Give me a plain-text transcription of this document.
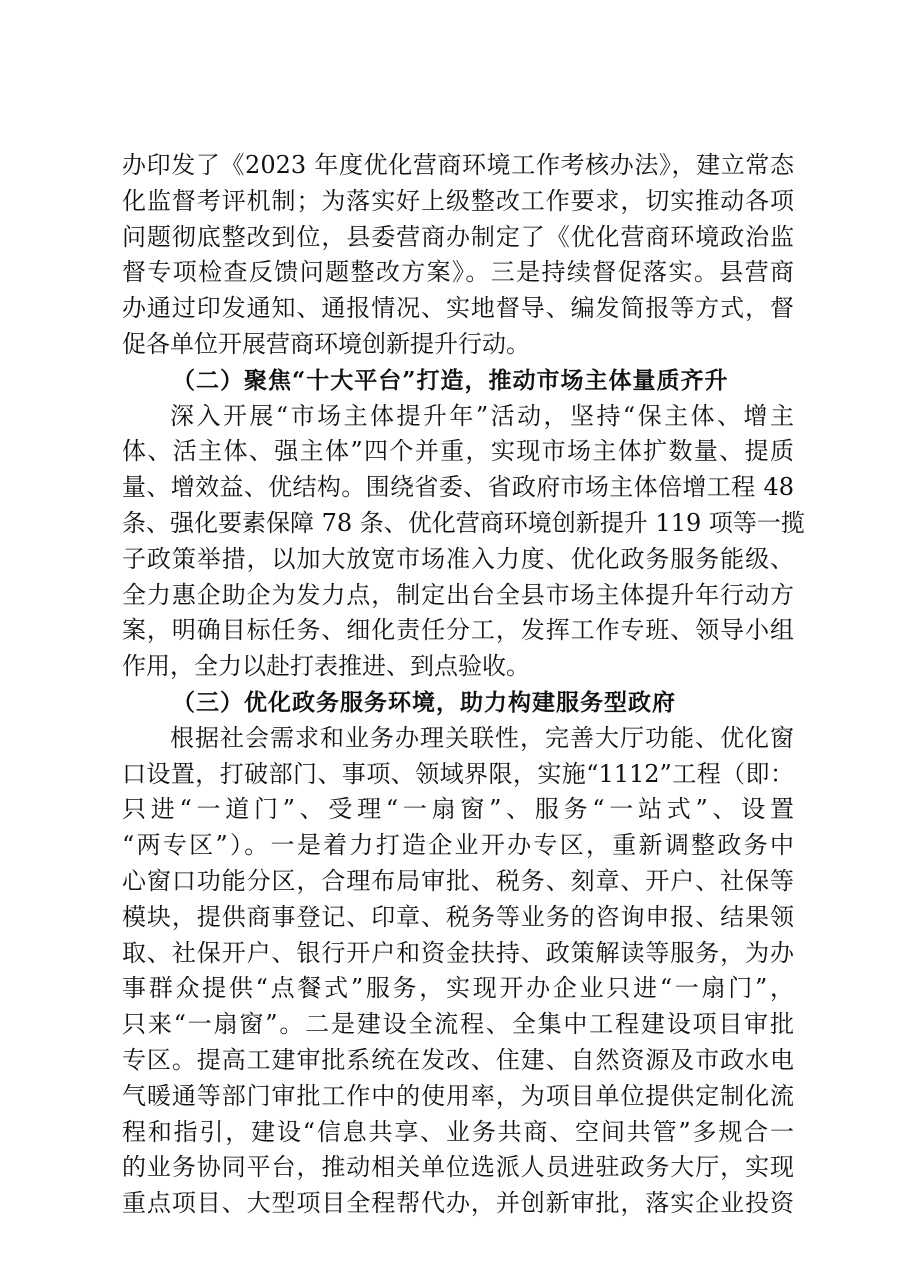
办印发了《2023 年度优化营商环境工作考核办法》，建立常态
化监督考评机制；为落实好上级整改工作要求，切实推动各项
问题彻底整改到位，县委营商办制定了《优化营商环境政治监
督专项检查反馈问题整改方案》。三是持续督促落实。县营商
办通过印发通知、通报情况、实地督导、编发简报等方式，督
促各单位开展营商环境创新提升行动。
（二）聚焦“十大平台”打造，推动市场主体量质齐升
深入开展“市场主体提升年”活动，坚持“保主体、增主
体、活主体、强主体”四个并重，实现市场主体扩数量、提质
量、增效益、优结构。围绕省委、省政府市场主体倍增工程 48
条、强化要素保障 78 条、优化营商环境创新提升 119 项等一揽
子政策举措，以加大放宽市场准入力度、优化政务服务能级、
全力惠企助企为发力点，制定出台全县市场主体提升年行动方
案，明确目标任务、细化责任分工，发挥工作专班、领导小组
作用，全力以赴打表推进、到点验收。
（三）优化政务服务环境，助力构建服务型政府
根据社会需求和业务办理关联性，完善大厅功能、优化窗
口设置，打破部门、事项、领域界限，实施“1112”工程（即：
只进“一道门”、受理“一扇窗”、服务“一站式”、设置
“两专区”）。一是着力打造企业开办专区，重新调整政务中
心窗口功能分区，合理布局审批、税务、刻章、开户、社保等
模块，提供商事登记、印章、税务等业务的咨询申报、结果领
取、社保开户、银行开户和资金扶持、政策解读等服务，为办
事群众提供“点餐式”服务，实现开办企业只进“一扇门”，
只来“一扇窗”。二是建设全流程、全集中工程建设项目审批
专区。提高工建审批系统在发改、住建、自然资源及市政水电
气暖通等部门审批工作中的使用率，为项目单位提供定制化流
程和指引，建设“信息共享、业务共商、空间共管”多规合一
的业务协同平台，推动相关单位选派人员进驻政务大厅，实现
重点项目、大型项目全程帮代办，并创新审批，落实企业投资
